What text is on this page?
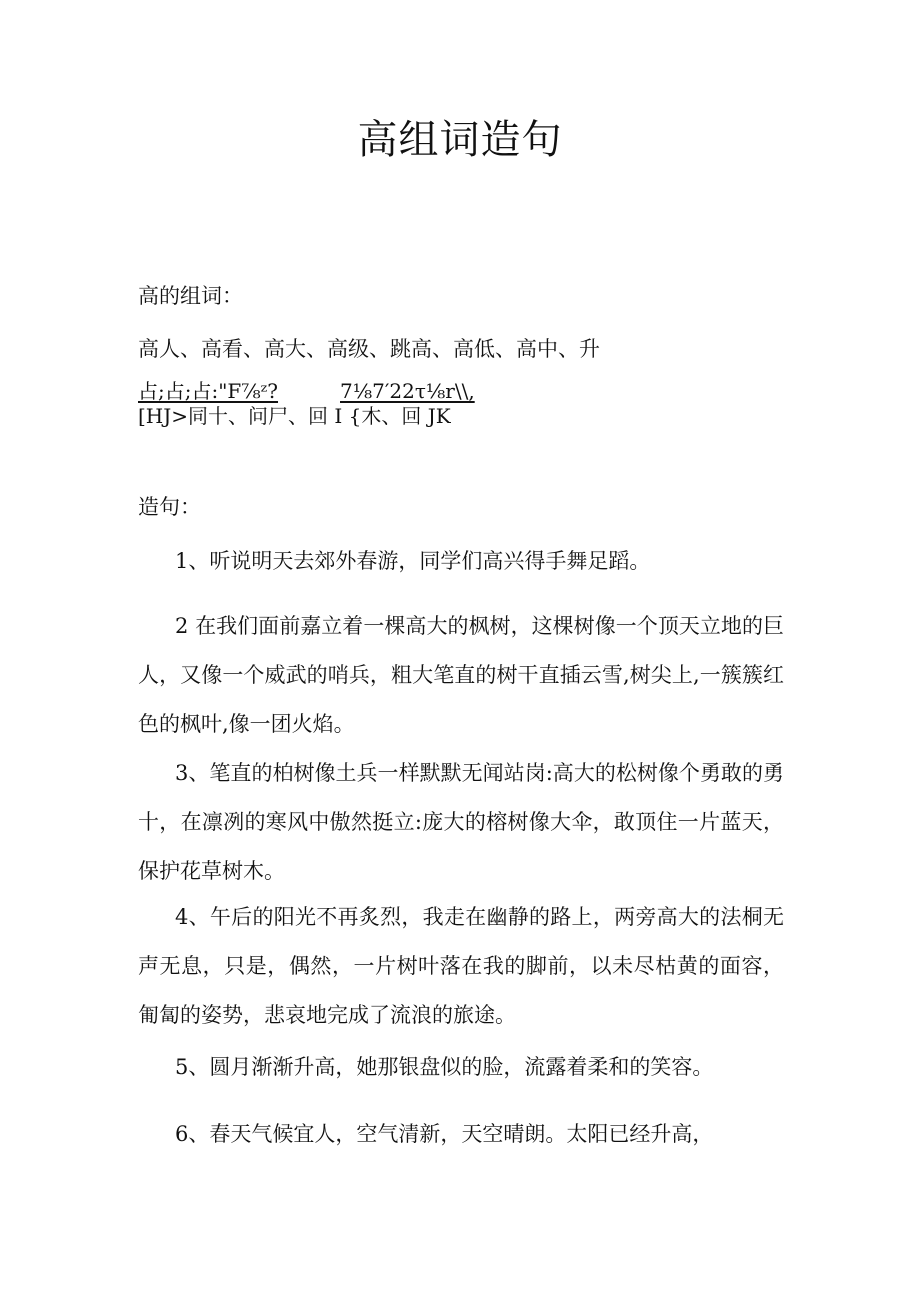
高组词造句
高的组词：
高人、高看、高大、高级、跳高、高低、高中、升
占;占;占:"F⅞ᶻ?	7⅛7′22τ⅛r\\,
[HJ>同十、问尸、回 I {木、回 JK
造句：
1、听说明天去郊外春游，同学们高兴得手舞足蹈。
2 在我们面前嘉立着一棵高大的枫树，这棵树像一个顶天立地的巨人，又像一个威武的哨兵，粗大笔直的树干直插云雪,树尖上,一簇簇红色的枫叶,像一团火焰。
3、笔直的柏树像土兵一样默默无闻站岗:高大的松树像个勇敢的勇十，在凛冽的寒风中傲然挺立:庞大的榕树像大伞，敢顶住一片蓝天，保护花草树木。
4、午后的阳光不再炙烈，我走在幽静的路上，两旁高大的法桐无声无息，只是，偶然，一片树叶落在我的脚前，以未尽枯黄的面容，匍匐的姿势，悲哀地完成了流浪的旅途。
5、圆月渐渐升高，她那银盘似的脸，流露着柔和的笑容。
6、春天气候宜人，空气清新，天空晴朗。太阳已经升高，
